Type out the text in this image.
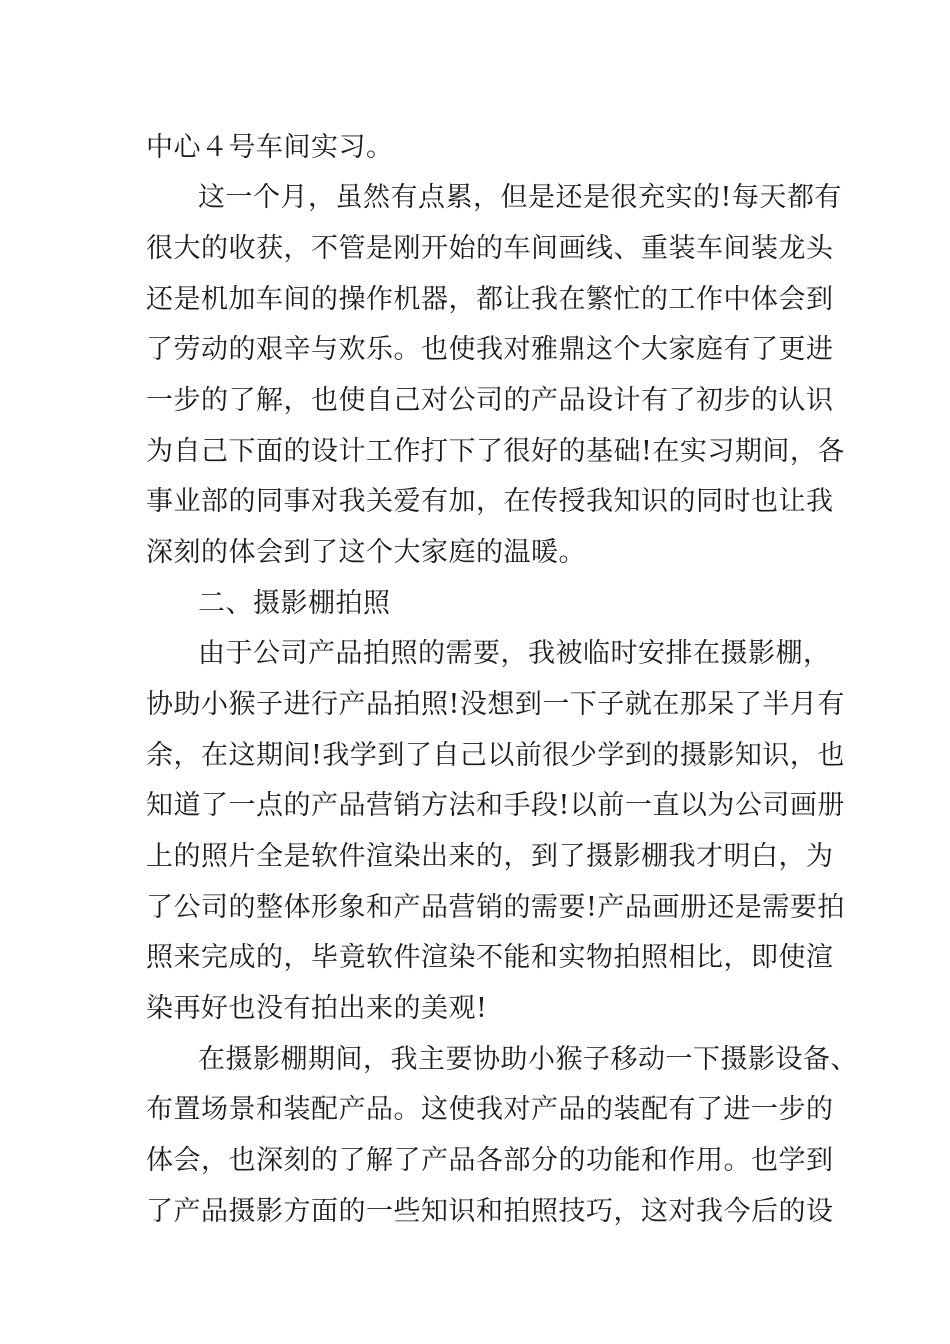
中心４号车间实习。
这一个月，虽然有点累，但是还是很充实的!每天都有
很大的收获，不管是刚开始的车间画线、重装车间装龙头
还是机加车间的操作机器，都让我在繁忙的工作中体会到
了劳动的艰辛与欢乐。也使我对雅鼎这个大家庭有了更进
一步的了解，也使自己对公司的产品设计有了初步的认识
为自己下面的设计工作打下了很好的基础!在实习期间，各
事业部的同事对我关爱有加，在传授我知识的同时也让我
深刻的体会到了这个大家庭的温暖。
二、摄影棚拍照
由于公司产品拍照的需要，我被临时安排在摄影棚，
协助小猴子进行产品拍照!没想到一下子就在那呆了半月有
余，在这期间!我学到了自己以前很少学到的摄影知识，也
知道了一点的产品营销方法和手段!以前一直以为公司画册
上的照片全是软件渲染出来的，到了摄影棚我才明白，为
了公司的整体形象和产品营销的需要!产品画册还是需要拍
照来完成的，毕竟软件渲染不能和实物拍照相比，即使渲
染再好也没有拍出来的美观!
在摄影棚期间，我主要协助小猴子移动一下摄影设备、
布置场景和装配产品。这使我对产品的装配有了进一步的
体会，也深刻的了解了产品各部分的功能和作用。也学到
了产品摄影方面的一些知识和拍照技巧，这对我今后的设
